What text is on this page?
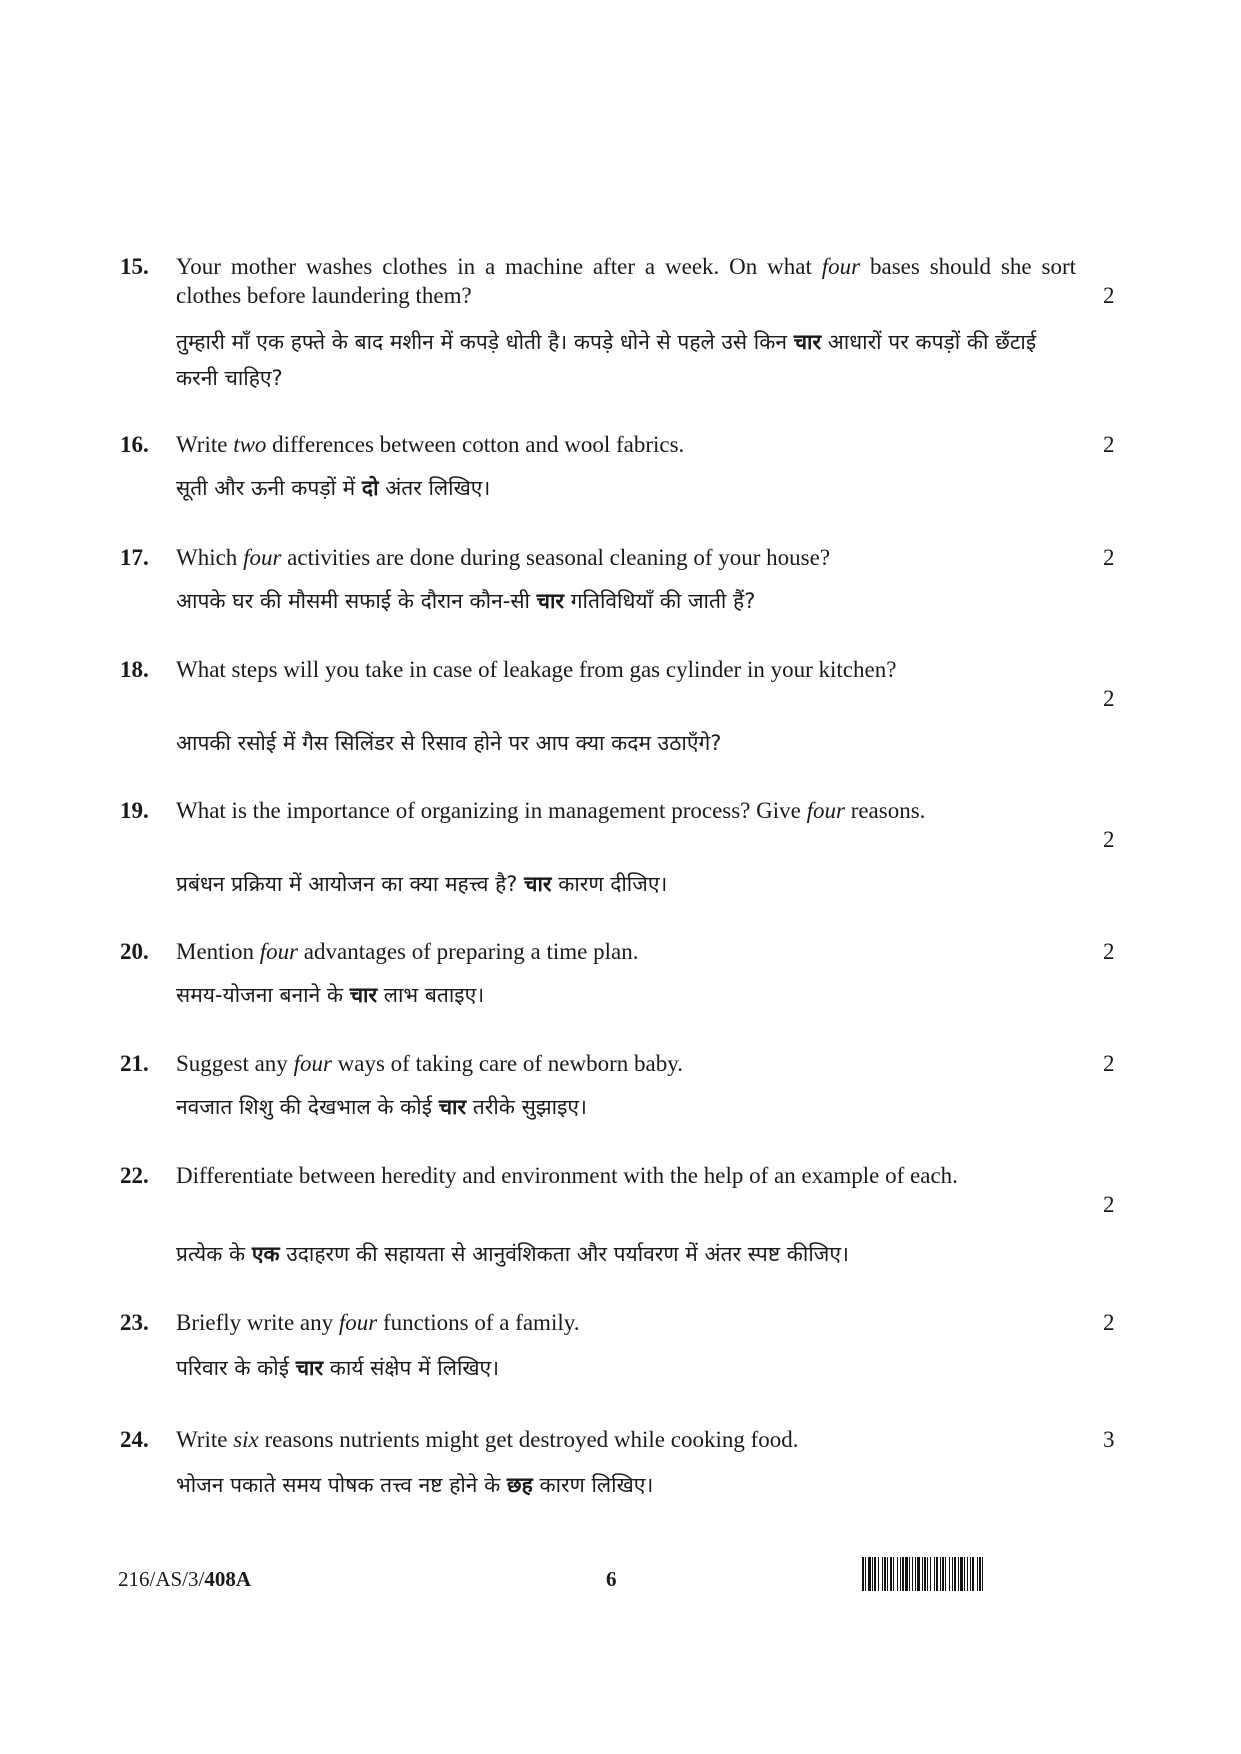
15. Your mother washes clothes in a machine after a week. On what four bases should she sort clothes before laundering them?	2
तुम्हारी माँ एक हफ्ते के बाद मशीन में कपड़े धोती है। कपड़े धोने से पहले उसे किन चार आधारों पर कपड़ों की छँटाई करनी चाहिए?
16. Write two differences between cotton and wool fabrics.	2
सूती और ऊनी कपड़ों में दो अंतर लिखिए।
17. Which four activities are done during seasonal cleaning of your house?	2
आपके घर की मौसमी सफाई के दौरान कौन-सी चार गतिविधियाँ की जाती हैं?
18. What steps will you take in case of leakage from gas cylinder in your kitchen?
2
आपकी रसोई में गैस सिलिंडर से रिसाव होने पर आप क्या कदम उठाएँगे?
19. What is the importance of organizing in management process? Give four reasons.
2
प्रबंधन प्रक्रिया में आयोजन का क्या महत्त्व है? चार कारण दीजिए।
20. Mention four advantages of preparing a time plan.	2
समय-योजना बनाने के चार लाभ बताइए।
21. Suggest any four ways of taking care of newborn baby.	2
नवजात शिशु की देखभाल के कोई चार तरीके सुझाइए।
22. Differentiate between heredity and environment with the help of an example of each.
2
प्रत्येक के एक उदाहरण की सहायता से आनुवंशिकता और पर्यावरण में अंतर स्पष्ट कीजिए।
23. Briefly write any four functions of a family.	2
परिवार के कोई चार कार्य संक्षेप में लिखिए।
24. Write six reasons nutrients might get destroyed while cooking food.	3
भोजन पकाते समय पोषक तत्त्व नष्ट होने के छह कारण लिखिए।
216/AS/3/408A	6
